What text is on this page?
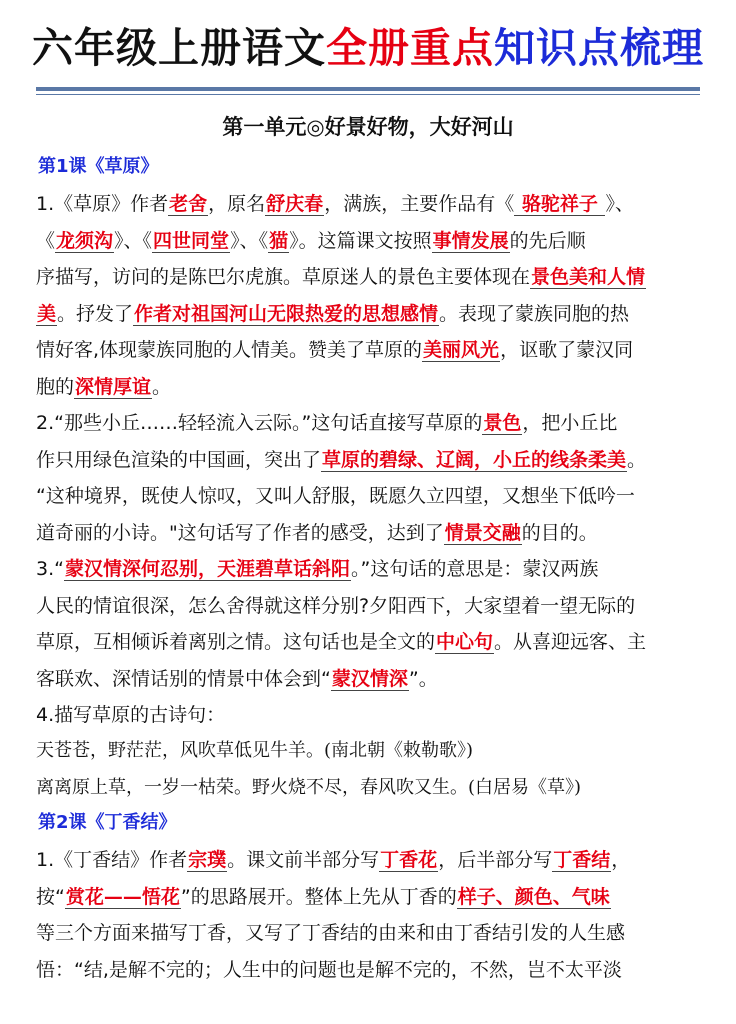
六年级上册语文全册重点知识点梳理
第一单元◎好景好物，大好河山
第1课《草原》
1.《草原》作者老舍，原名舒庆春，满族，主要作品有《 骆驼祥子 》、
《龙须沟》、《四世同堂》、《猫》。这篇课文按照事情发展的先后顺
序描写，访问的是陈巴尔虎旗。草原迷人的景色主要体现在景色美和人情
美。抒发了作者对祖国河山无限热爱的思想感情。表现了蒙族同胞的热
情好客,体现蒙族同胞的人情美。赞美了草原的美丽风光，讴歌了蒙汉同
胞的深情厚谊。
2.“那些小丘……轻轻流入云际。”这句话直接写草原的景色，把小丘比
作只用绿色渲染的中国画，突出了草原的碧绿、辽阔，小丘的线条柔美。
“这种境界，既使人惊叹，又叫人舒服，既愿久立四望，又想坐下低吟一
道奇丽的小诗。"这句话写了作者的感受，达到了情景交融的目的。
3.“蒙汉情深何忍别，天涯碧草话斜阳。”这句话的意思是：蒙汉两族
人民的情谊很深，怎么舍得就这样分别?夕阳西下，大家望着一望无际的
草原，互相倾诉着离别之情。这句话也是全文的中心句。从喜迎远客、主
客联欢、深情话别的情景中体会到“蒙汉情深”。
4.描写草原的古诗句：
天苍苍，野茫茫，风吹草低见牛羊。(南北朝《敕勒歌》)
离离原上草，一岁一枯荣。野火烧不尽，春风吹又生。(白居易《草》)
第2课《丁香结》
1.《丁香结》作者宗璞。课文前半部分写丁香花，后半部分写丁香结，
按“赏花——悟花”的思路展开。整体上先从丁香的样子、颜色、气味
等三个方面来描写丁香，又写了丁香结的由来和由丁香结引发的人生感
悟：“结,是解不完的；人生中的问题也是解不完的，不然，岂不太平淡
